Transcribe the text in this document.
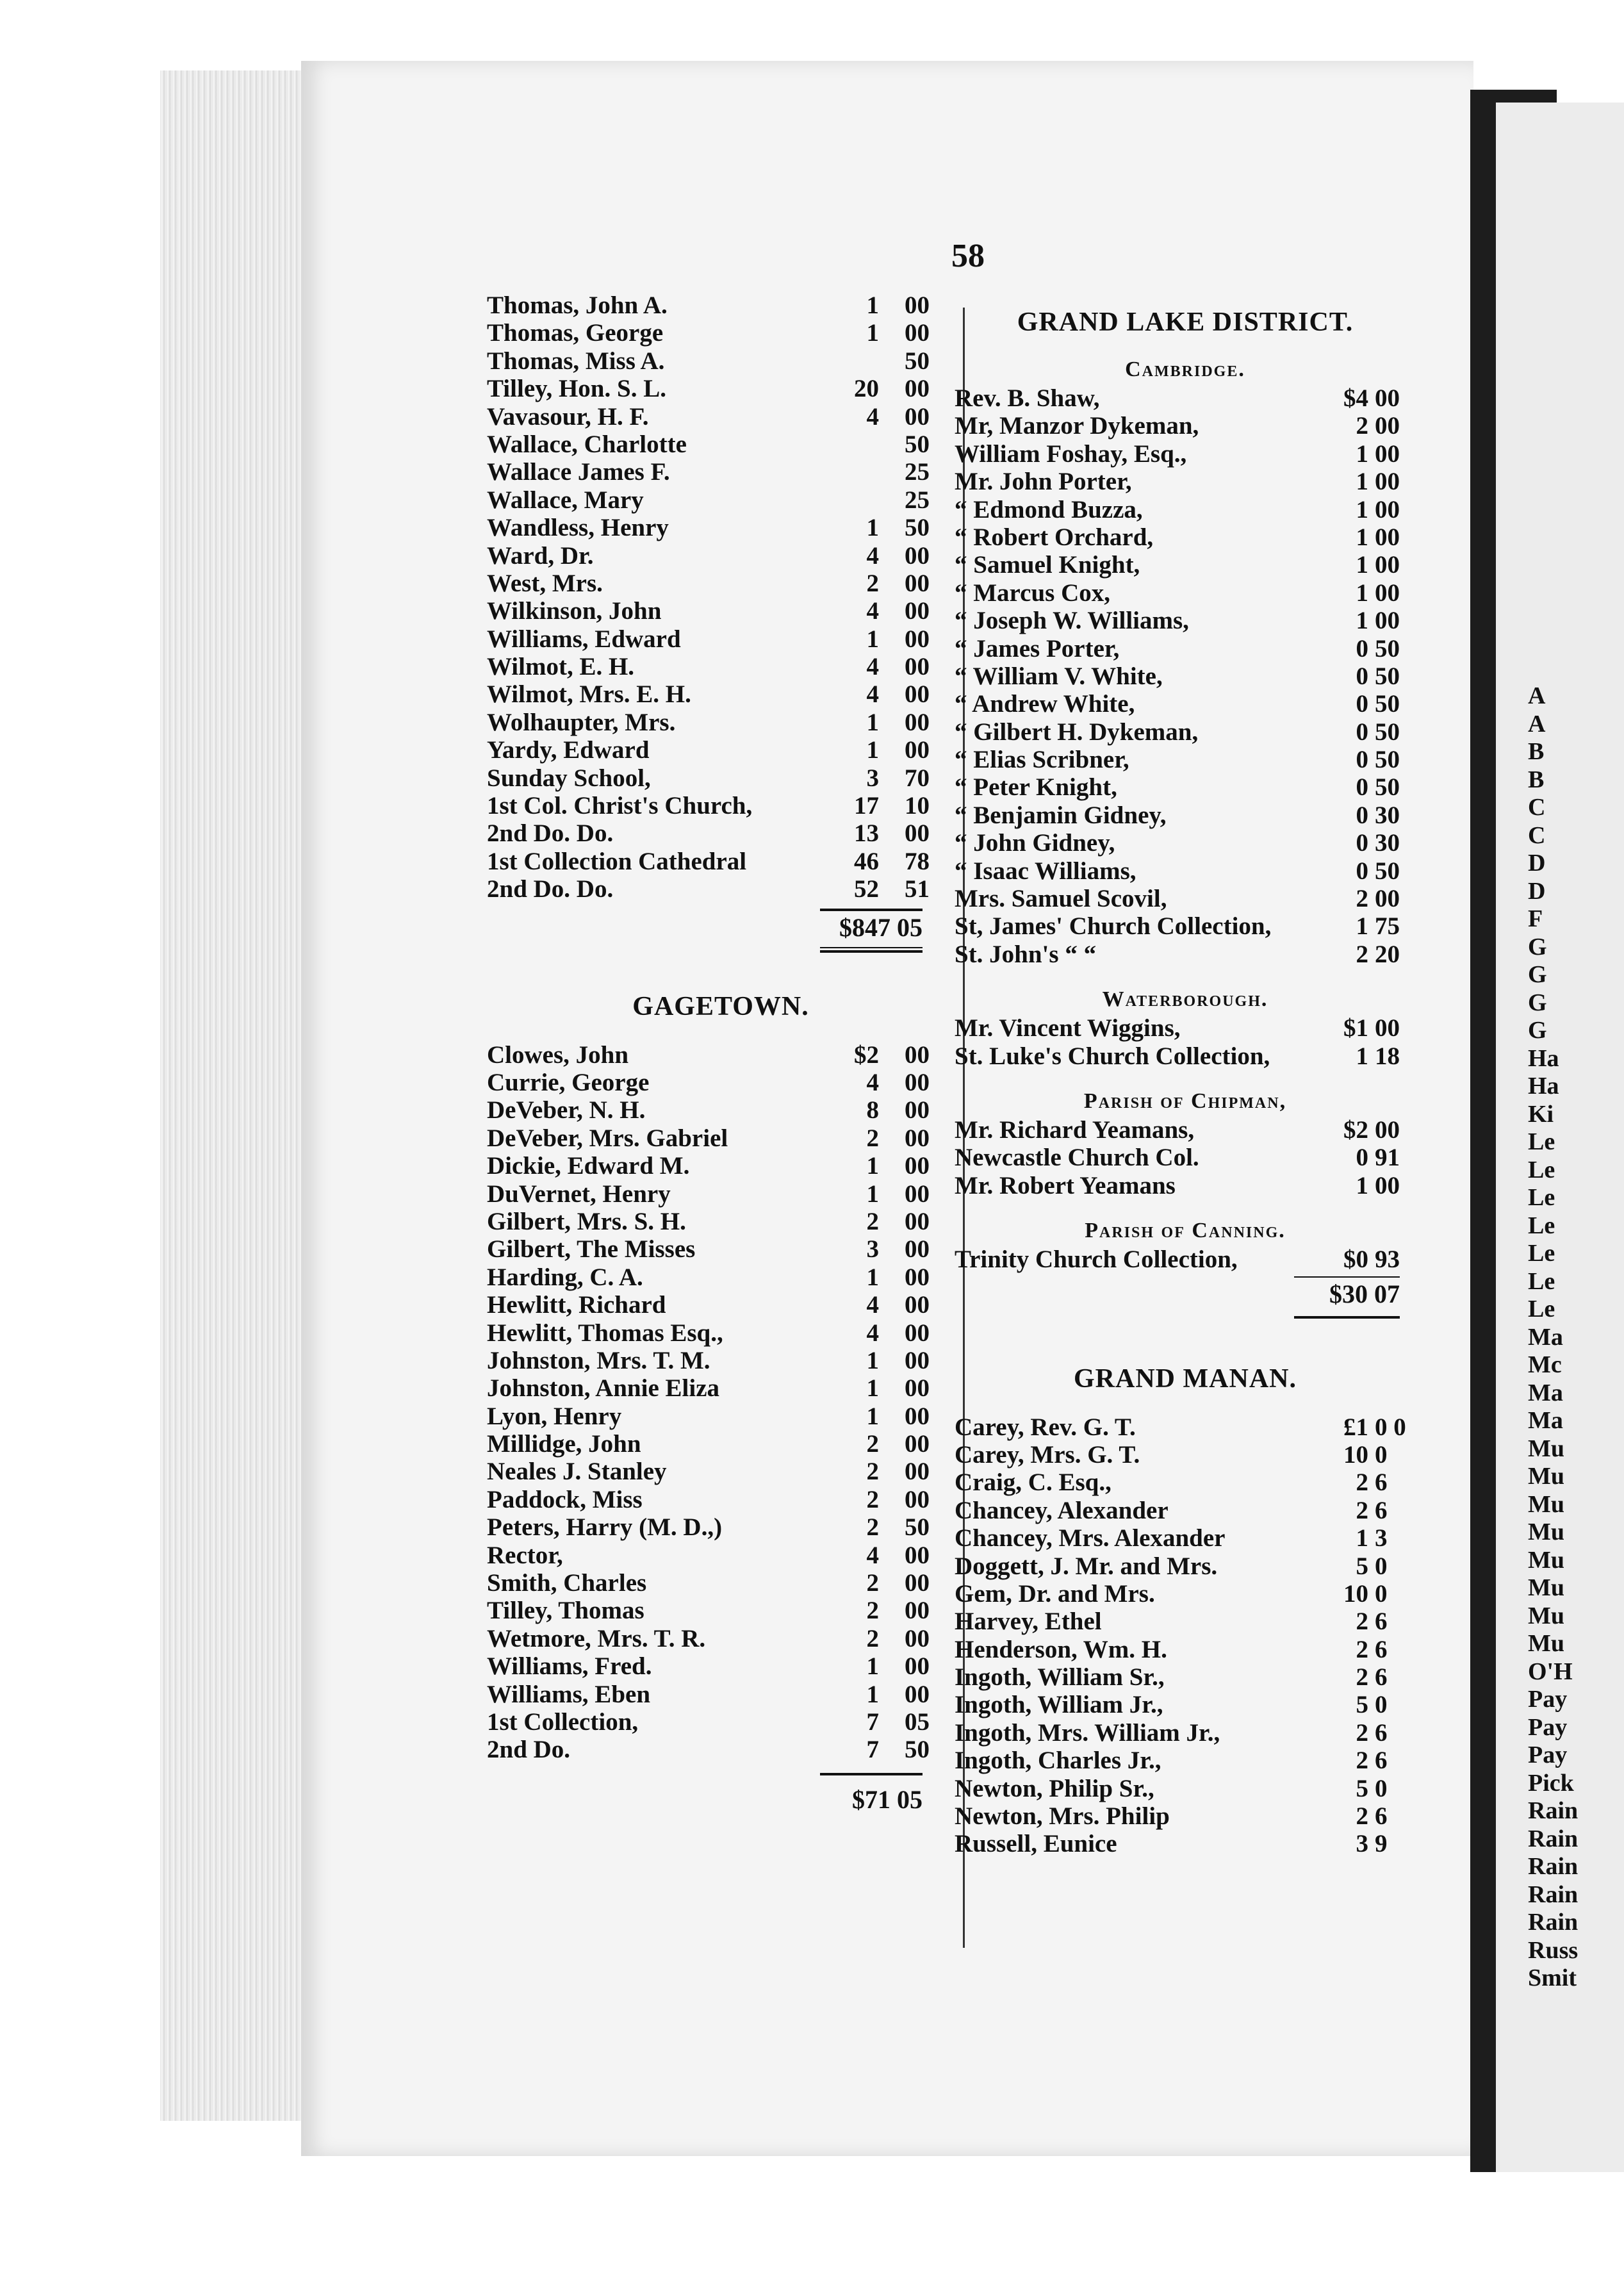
A
A
B
B
C
C
D
D
F
G
G
G
G
Ha
Ha
Ki
Le
Le
Le
Le
Le
Le
Le
Ma
Mc
Ma
Ma
Mu
Mu
Mu
Mu
Mu
Mu
Mu
Mu
O'H
Pay
Pay
Pay
Pick
Rain
Rain
Rain
Rain
Rain
Russ
Smit
58
Thomas, John A.	1 00
Thomas, George	1 00
Thomas, Miss A.	50
Tilley, Hon. S. L.	20 00
Vavasour, H. F.	4 00
Wallace, Charlotte	50
Wallace James F.	25
Wallace, Mary	25
Wandless, Henry	1 50
Ward, Dr.	4 00
West, Mrs.	2 00
Wilkinson, John	4 00
Williams, Edward	1 00
Wilmot, E. H.	4 00
Wilmot, Mrs. E. H.	4 00
Wolhaupter, Mrs.	1 00
Yardy, Edward	1 00
Sunday School,	3 70
1st Col. Christ's Church,	17 10
2nd Do. Do.	13 00
1st Collection Cathedral	46 78
2nd Do. Do.	52 51
$847 05
GAGETOWN.
Clowes, John	$2 00
Currie, George	4 00
DeVeber, N. H.	8 00
DeVeber, Mrs. Gabriel	2 00
Dickie, Edward M.	1 00
DuVernet, Henry	1 00
Gilbert, Mrs. S. H.	2 00
Gilbert, The Misses	3 00
Harding, C. A.	1 00
Hewlitt, Richard	4 00
Hewlitt, Thomas Esq.,	4 00
Johnston, Mrs. T. M.	1 00
Johnston, Annie Eliza	1 00
Lyon, Henry	1 00
Millidge, John	2 00
Neales J. Stanley	2 00
Paddock, Miss	2 00
Peters, Harry (M. D.,)	2 50
Rector,	4 00
Smith, Charles	2 00
Tilley, Thomas	2 00
Wetmore, Mrs. T. R.	2 00
Williams, Fred.	1 00
Williams, Eben	1 00
1st Collection,	7 05
2nd Do.	7 50
$71 05
GRAND LAKE DISTRICT.
Cambridge.
Rev. B. Shaw,	$4 00
Mr, Manzor Dykeman,	2 00
William Foshay, Esq.,	1 00
Mr. John Porter,	1 00
“ Edmond Buzza,	1 00
“ Robert Orchard,	1 00
“ Samuel Knight,	1 00
“ Marcus Cox,	1 00
“ Joseph W. Williams,	1 00
“ James Porter,	0 50
“ William V. White,	0 50
“ Andrew White,	0 50
“ Gilbert H. Dykeman,	0 50
“ Elias Scribner,	0 50
“ Peter Knight,	0 50
“ Benjamin Gidney,	0 30
“ John Gidney,	0 30
“ Isaac Williams,	0 50
Mrs. Samuel Scovil,	2 00
St, James' Church Collection,	1 75
St. John's “ “	2 20
Waterborough.
Mr. Vincent Wiggins,	$1 00
St. Luke's Church Collection,	1 18
Parish of Chipman,
Mr. Richard Yeamans,	$2 00
Newcastle Church Col.	0 91
Mr. Robert Yeamans	1 00
Parish of Canning.
Trinity Church Collection,	$0 93
$30 07
GRAND MANAN.
Carey, Rev. G. T.	£1 0 0
Carey, Mrs. G. T.	10 0
Craig, C. Esq.,	2 6
Chancey, Alexander	2 6
Chancey, Mrs. Alexander	1 3
Doggett, J. Mr. and Mrs.	5 0
Gem, Dr. and Mrs.	10 0
Harvey, Ethel	2 6
Henderson, Wm. H.	2 6
Ingoth, William Sr.,	2 6
Ingoth, William Jr.,	5 0
Ingoth, Mrs. William Jr.,	2 6
Ingoth, Charles Jr.,	2 6
Newton, Philip Sr.,	5 0
Newton, Mrs. Philip	2 6
Russell, Eunice	3 9
